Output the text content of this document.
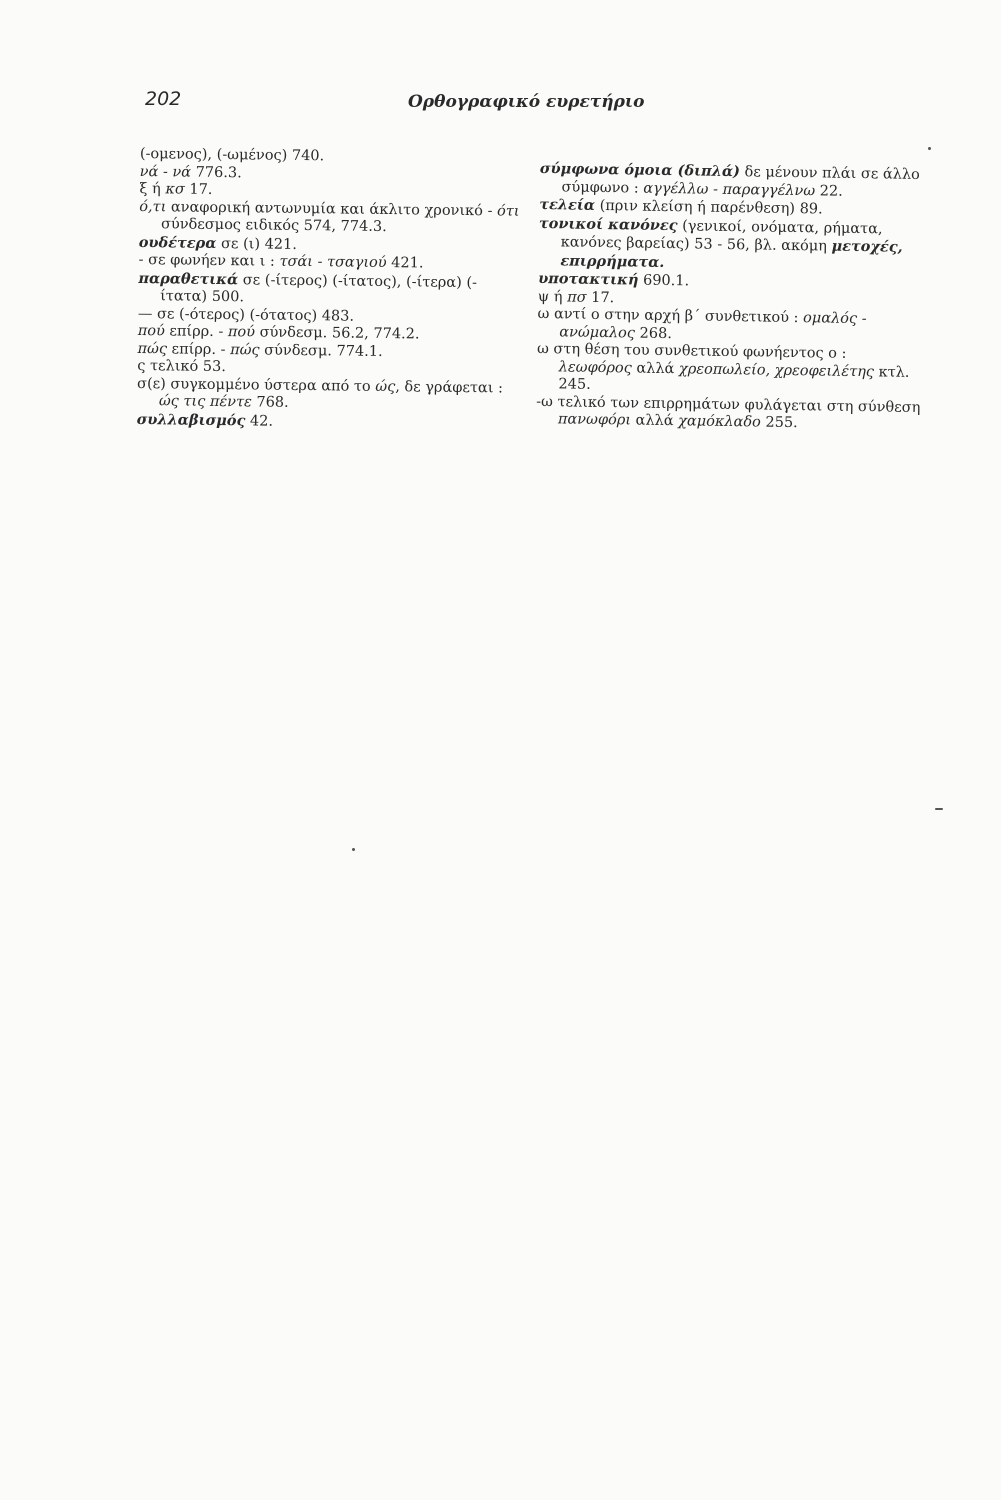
202	Ορθογραφικό ευρετήριο

(-ομενος), (-ωμένος) 740.

νά - νά 776.3.

ξ ή κσ 17.

ό,τι αναφορική αντωνυμία και άκλιτο χρονικό - ότι σύνδεσμος ειδικός 574, 774.3.

ουδέτερα σε (ι) 421.

- σε φωνήεν και ι : τσάι - τσαγιού 421.

παραθετικά σε (-ίτερος) (-ίτατος), (-ίτερα) (-ίτατα) 500.

— σε (-ότερος) (-ότατος) 483.

πού επίρρ. - πού σύνδεσμ. 56.2, 774.2.

πώς επίρρ. - πώς σύνδεσμ. 774.1.

ς τελικό 53.

σ(ε) συγκομμένο ύστερα από το ώς, δε γράφεται : ώς τις πέντε 768.

συλλαβισμός 42.

σύμφωνα όμοια (διπλά) δε μένουν πλάι σε άλλο σύμφωνο : αγγέλλω - παραγγέλνω 22.

τελεία (πριν κλείση ή παρένθεση) 89.

τονικοί κανόνες (γενικοί, ονόματα, ρήματα, κανόνες βαρείας) 53 - 56, βλ. ακόμη μετοχές, επιρρήματα.

υποτακτική 690.1.

ψ ή πσ 17.

ω αντί ο στην αρχή β΄ συνθετικού : ομαλός - ανώμαλος 268.

ω στη θέση του συνθετικού φωνήεντος ο : λεωφόρος αλλά χρεοπωλείο, χρεοφειλέτης κτλ. 245.

-ω τελικό των επιρρημάτων φυλάγεται στη σύνθεση πανωφόρι αλλά χαμόκλαδο 255.
